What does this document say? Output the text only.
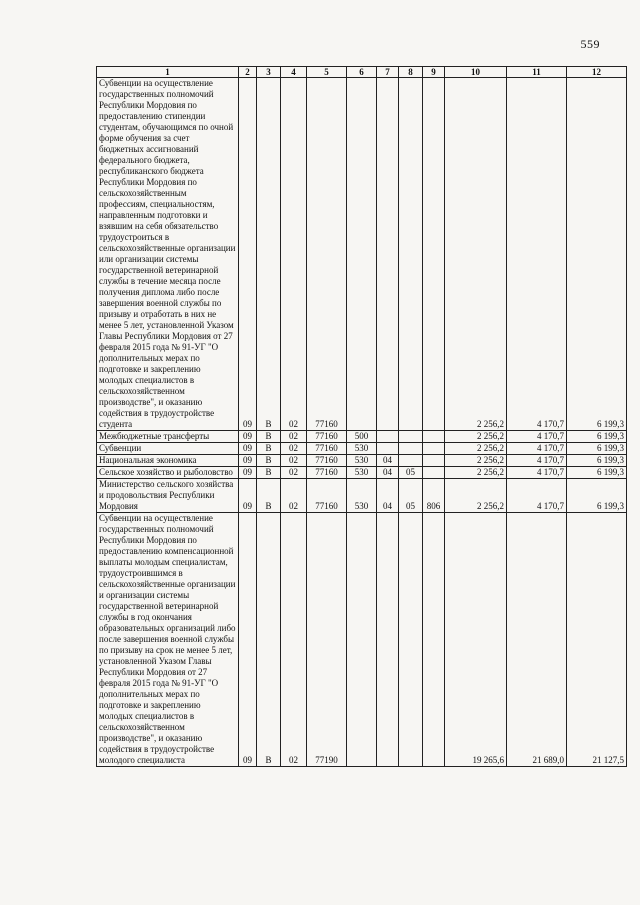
559
1	2	3	4	5	6	7	8	9	10	11	12
Субвенции на осуществление государственных полномочий Республики Мордовия по предоставлению стипендии студентам, обучающимся по очной форме обучения за счет бюджетных ассигнований федерального бюджета, республиканского бюджета Республики Мордовия по сельскохозяйственным профессиям, специальностям, направленным подготовки и взявшим на себя обязательство трудоустроиться в сельскохозяйственные организации или организации системы государственной ветеринарной службы в течение месяца после получения диплома либо после завершения военной службы по призыву и отработать в них не менее 5 лет, установленной Указом Главы Республики Мордовия от 27 февраля 2015 года № 91-УГ "О дополнительных мерах по подготовке и закреплению молодых специалистов в сельскохозяйственном производстве", и оказанию содействия в трудоустройстве студента	09	В	02	77160					2 256,2	4 170,7	6 199,3
Межбюджетные трансферты	09	В	02	77160	500				2 256,2	4 170,7	6 199,3
Субвенции	09	В	02	77160	530				2 256,2	4 170,7	6 199,3
Национальная экономика	09	В	02	77160	530	04			2 256,2	4 170,7	6 199,3
Сельское хозяйство и рыболовство	09	В	02	77160	530	04	05		2 256,2	4 170,7	6 199,3
Министерство сельского хозяйства и продовольствия Республики Мордовия	09	В	02	77160	530	04	05	806	2 256,2	4 170,7	6 199,3
Субвенции на осуществление государственных полномочий Республики Мордовия по предоставлению компенсационной выплаты молодым специалистам, трудоустроившимся в сельскохозяйственные организации и организации системы государственной ветеринарной службы в год окончания образовательных организаций либо после завершения военной службы по призыву на срок не менее 5 лет, установленной Указом Главы Республики Мордовия от 27 февраля 2015 года № 91-УГ "О дополнительных мерах по подготовке и закреплению молодых специалистов в сельскохозяйственном производстве", и оказанию содействия в трудоустройстве молодого специалиста	09	В	02	77190					19 265,6	21 689,0	21 127,5
